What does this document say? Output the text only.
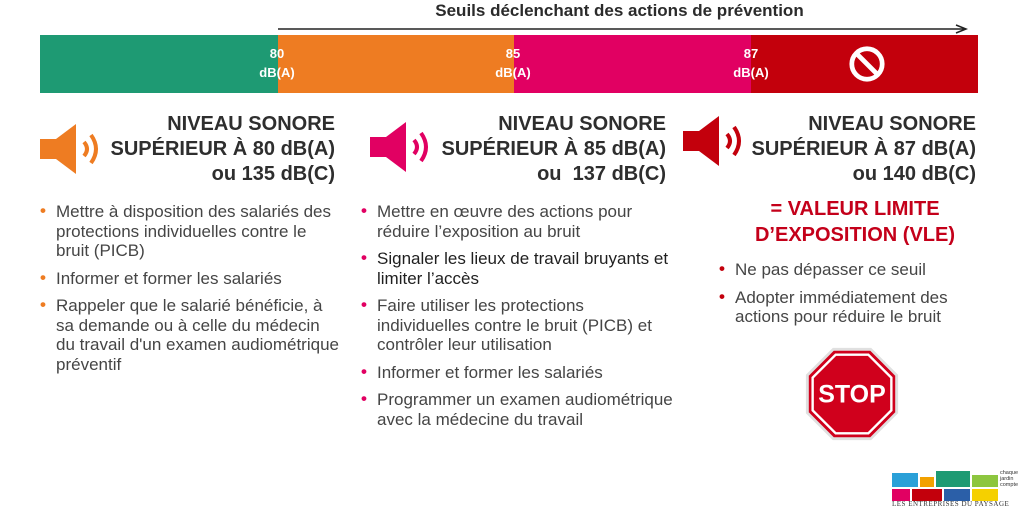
Seuils déclenchant des actions de prévention
80
dB(A)
85
dB(A)
87
dB(A)
NIVEAU SONORE
SUPÉRIEUR À 80 dB(A)
ou 135 dB(C)
• Mettre à disposition des salariés des protections individuelles contre le bruit (PICB)
• Informer et former les salariés
• Rappeler que le salarié bénéficie, à sa demande ou à celle du médecin du travail d'un examen audiométrique préventif
NIVEAU SONORE
SUPÉRIEUR À 85 dB(A)
ou  137 dB(C)
• Mettre en œuvre des actions pour réduire l’exposition au bruit
• Signaler les lieux de travail bruyants et limiter l’accès
• Faire utiliser les protections individuelles contre le bruit (PICB) et contrôler leur utilisation
• Informer et former les salariés
• Programmer un examen audiométrique avec la médecine du travail
NIVEAU SONORE
SUPÉRIEUR À 87 dB(A)
ou 140 dB(C)
= VALEUR LIMITE
D’EXPOSITION (VLE)
• Ne pas dépasser ce seuil
• Adopter immédiatement des actions pour réduire le bruit
STOP
chaque
jardin
compte
LES ENTREPRISES DU PAYSAGE
